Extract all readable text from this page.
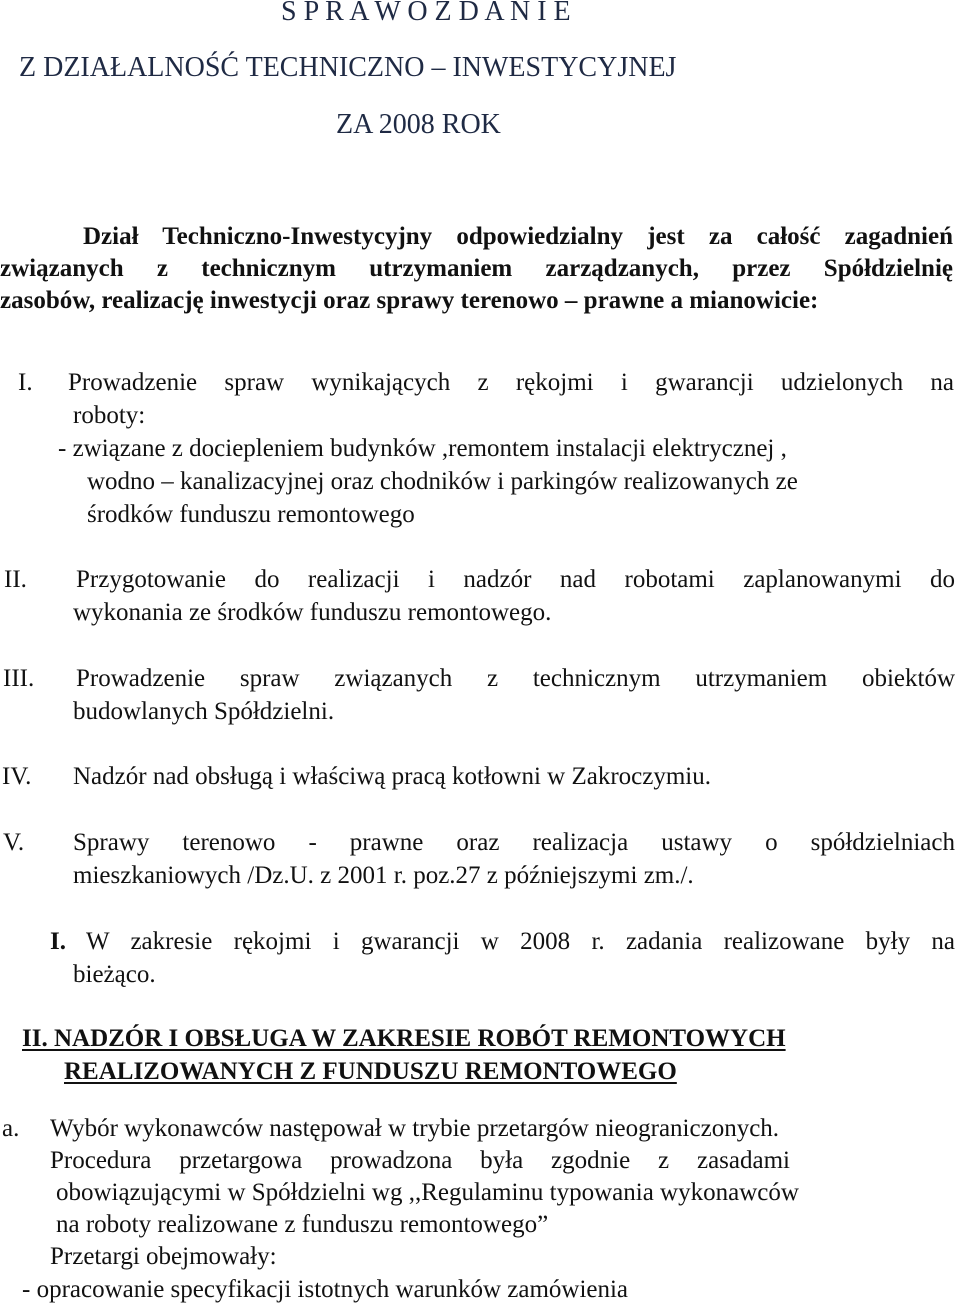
S P R A W O Z D A N I E
Z DZIAŁALNOŚĆ TECHNICZNO – INWESTYCYJNEJ
ZA 2008 ROK
Dział Techniczno-Inwestycyjny odpowiedzialny jest za całość zagadnień
związanych z technicznym utrzymaniem zarządzanych, przez Spółdzielnię
zasobów, realizację inwestycji oraz sprawy terenowo – prawne a mianowicie:
I. Prowadzenie spraw wynikających z rękojmi i gwarancji udzielonych na
roboty:
- związane z dociepleniem budynków ,remontem instalacji elektrycznej ,
wodno – kanalizacyjnej oraz chodników i parkingów realizowanych ze
środków funduszu remontowego
II. Przygotowanie do realizacji i nadzór nad robotami zaplanowanymi do
wykonania ze środków funduszu remontowego.
III. Prowadzenie spraw związanych z technicznym utrzymaniem obiektów
budowlanych Spółdzielni.
IV. Nadzór nad obsługą i właściwą pracą kotłowni w Zakroczymiu.
V. Sprawy terenowo - prawne oraz realizacja ustawy o spółdzielniach
mieszkaniowych /Dz.U. z 2001 r. poz.27 z późniejszymi zm./.
I. W zakresie rękojmi i gwarancji w 2008 r. zadania realizowane były na
bieżąco.
II. NADZÓR I OBSŁUGA W ZAKRESIE ROBÓT REMONTOWYCH
REALIZOWANYCH Z FUNDUSZU REMONTOWEGO
a. Wybór wykonawców następował w trybie przetargów nieograniczonych.
Procedura przetargowa prowadzona była zgodnie z zasadami
obowiązującymi w Spółdzielni wg ,,Regulaminu typowania wykonawców
na roboty realizowane z funduszu remontowego”
Przetargi obejmowały:
- opracowanie specyfikacji istotnych warunków zamówienia
